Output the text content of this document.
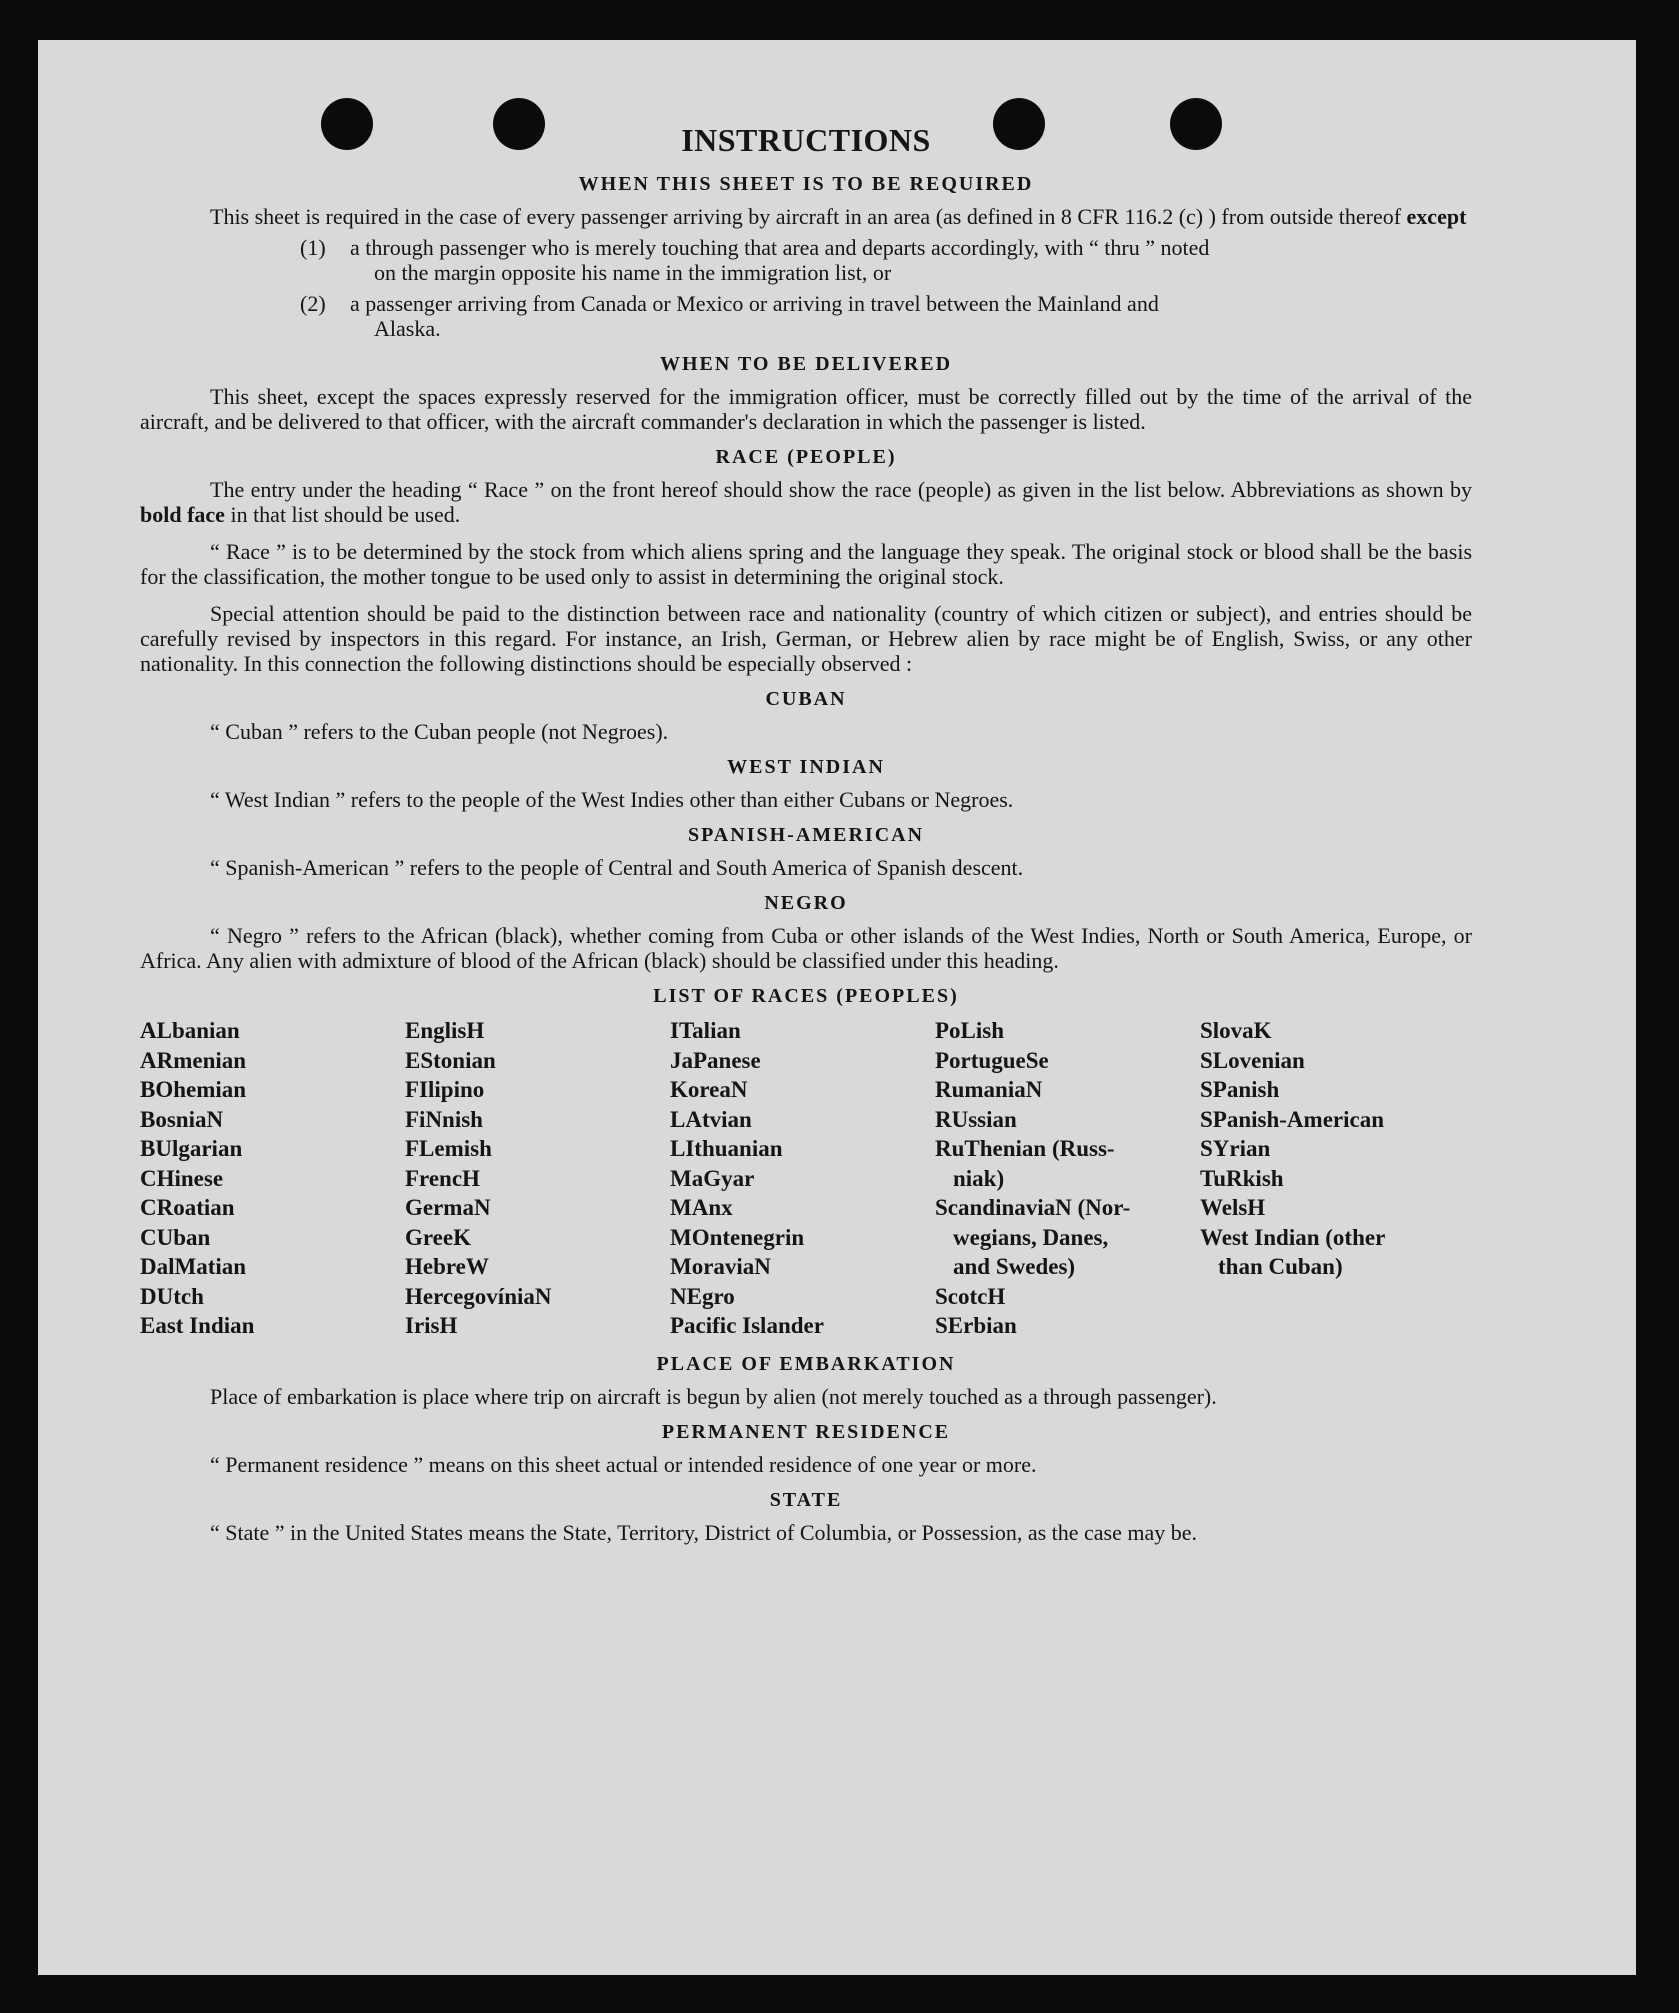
INSTRUCTIONS
WHEN THIS SHEET IS TO BE REQUIRED

This sheet is required in the case of every passenger arriving by aircraft in an area (as defined in 8 CFR 116.2 (c) ) from outside thereof except

(1)	a through passenger who is merely touching that area and departs accordingly, with “ thru ” noted
on the margin opposite his name in the immigration list, or
(2)	a passenger arriving from Canada or Mexico or arriving in travel between the Mainland and
Alaska.
WHEN TO BE DELIVERED

This sheet, except the spaces expressly reserved for the immigration officer, must be correctly filled out by the time of the arrival of the aircraft, and be delivered to that officer, with the aircraft commander's declaration in which the passenger is listed.

RACE (PEOPLE)

The entry under the heading “ Race ” on the front hereof should show the race (people) as given in the list below. Abbreviations as shown by bold face in that list should be used.

“ Race ” is to be determined by the stock from which aliens spring and the language they speak. The original stock or blood shall be the basis for the classification, the mother tongue to be used only to assist in determining the original stock.

Special attention should be paid to the distinction between race and nationality (country of which citizen or subject), and entries should be carefully revised by inspectors in this regard. For instance, an Irish, German, or Hebrew alien by race might be of English, Swiss, or any other nationality. In this connection the following distinctions should be especially observed :

CUBAN

“ Cuban ” refers to the Cuban people (not Negroes).

WEST INDIAN

“ West Indian ” refers to the people of the West Indies other than either Cubans or Negroes.

SPANISH-AMERICAN

“ Spanish-American ” refers to the people of Central and South America of Spanish descent.

NEGRO

“ Negro ” refers to the African (black), whether coming from Cuba or other islands of the West Indies, North or South America, Europe, or Africa. Any alien with admixture of blood of the African (black) should be classified under this heading.

LIST OF RACES (PEOPLES)
ALbanian
ARmenian
BOhemian
BosniaN
BUlgarian
CHinese
CRoatian
CUban
DalMatian
DUtch
East Indian
EnglisH
EStonian
FIlipino
FiNnish
FLemish
FrencH
GermaN
GreeK
HebreW
HercegovíniaN
IrisH
ITalian
JaPanese
KoreaN
LAtvian
LIthuanian
MaGyar
MAnx
MOntenegrin
MoraviaN
NEgro
Pacific Islander
PoLish
PortugueSe
RumaniaN
RUssian
RuThenian (Russ-
niak)
ScandinaviaN (Nor-
wegians, Danes,
and Swedes)
ScotcH
SErbian
SlovaK
SLovenian
SPanish
SPanish-American
SYrian
TuRkish
WelsH
West Indian (other
than Cuban)
PLACE OF EMBARKATION

Place of embarkation is place where trip on aircraft is begun by alien (not merely touched as a through passenger).

PERMANENT RESIDENCE

“ Permanent residence ” means on this sheet actual or intended residence of one year or more.

STATE

“ State ” in the United States means the State, Territory, District of Columbia, or Possession, as the case may be.
